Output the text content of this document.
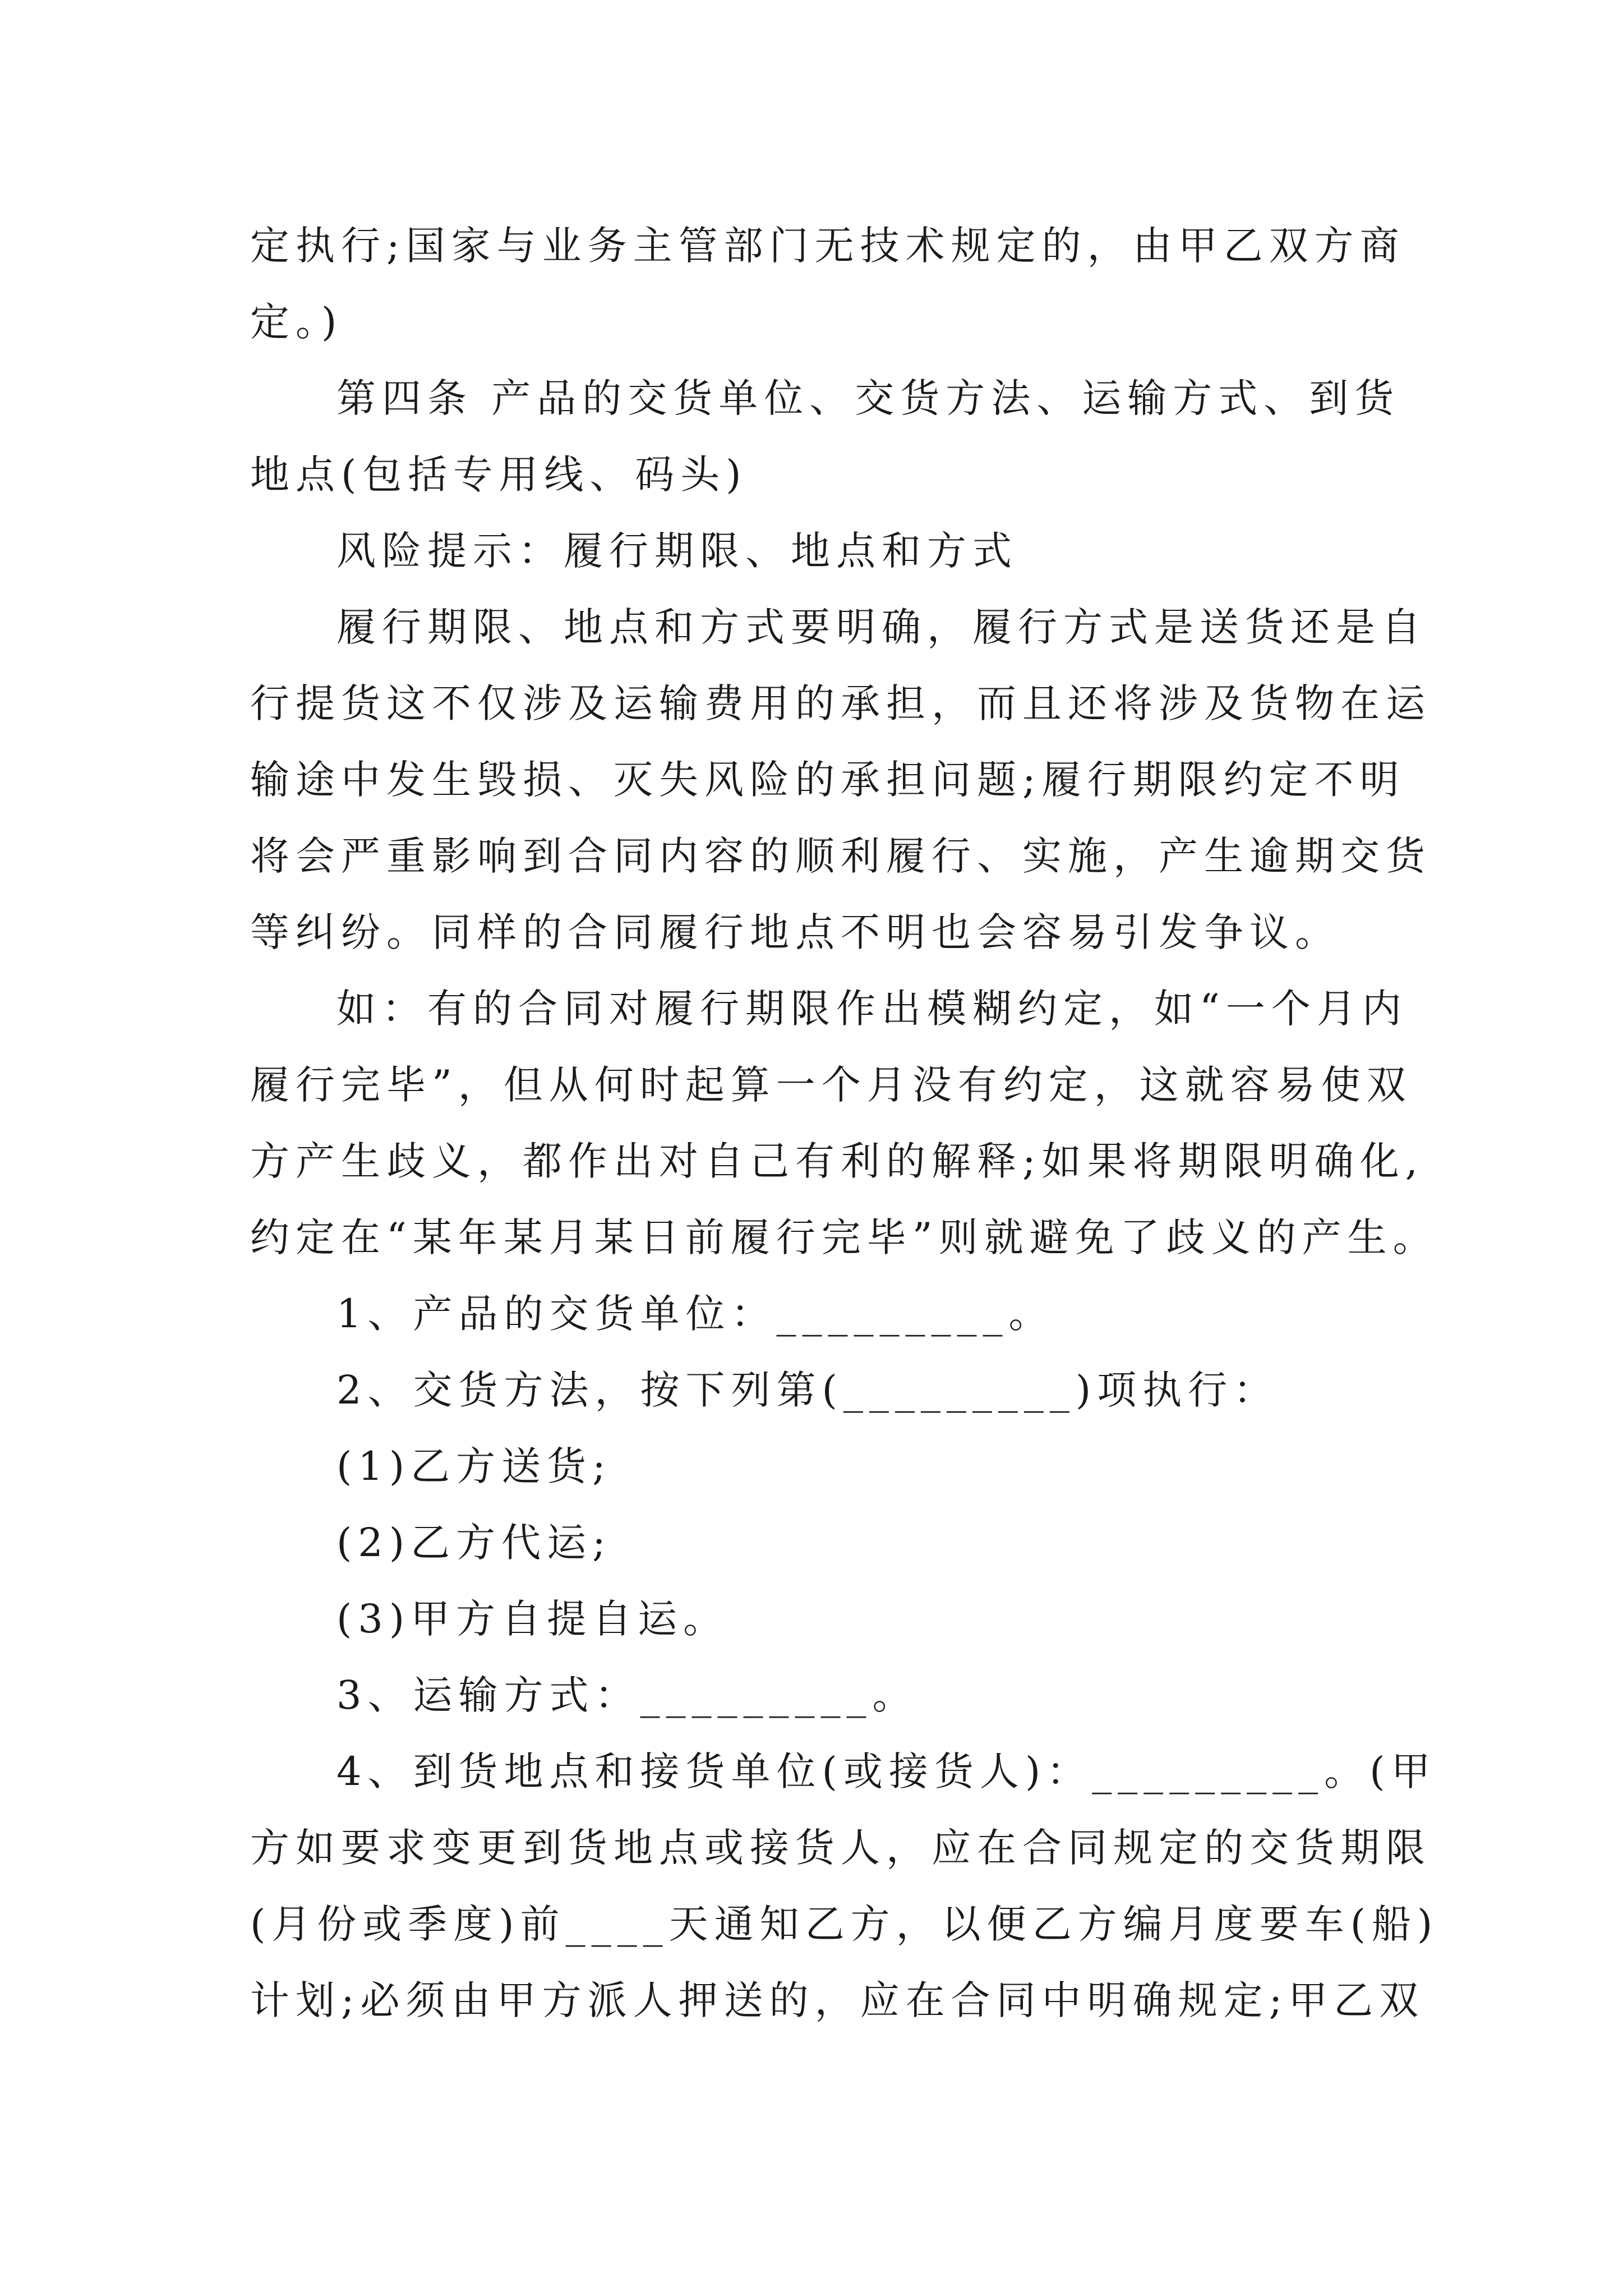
定执行;国家与业务主管部门无技术规定的，由甲乙双方商
定。)
第四条 产品的交货单位、交货方法、运输方式、到货
地点(包括专用线、码头)
风险提示：履行期限、地点和方式
履行期限、地点和方式要明确，履行方式是送货还是自
行提货这不仅涉及运输费用的承担，而且还将涉及货物在运
输途中发生毁损、灭失风险的承担问题;履行期限约定不明
将会严重影响到合同内容的顺利履行、实施，产生逾期交货
等纠纷。同样的合同履行地点不明也会容易引发争议。
如：有的合同对履行期限作出模糊约定，如“一个月内
履行完毕”，但从何时起算一个月没有约定，这就容易使双
方产生歧义，都作出对自己有利的解释;如果将期限明确化,
约定在“某年某月某日前履行完毕”则就避免了歧义的产生。
1、产品的交货单位：_________。
2、交货方法，按下列第(_________)项执行：
(1)乙方送货;
(2)乙方代运;
(3)甲方自提自运。
3、运输方式：_________。
4、到货地点和接货单位(或接货人)：_________。(甲
方如要求变更到货地点或接货人，应在合同规定的交货期限
(月份或季度)前____天通知乙方，以便乙方编月度要车(船)
计划;必须由甲方派人押送的，应在合同中明确规定;甲乙双
